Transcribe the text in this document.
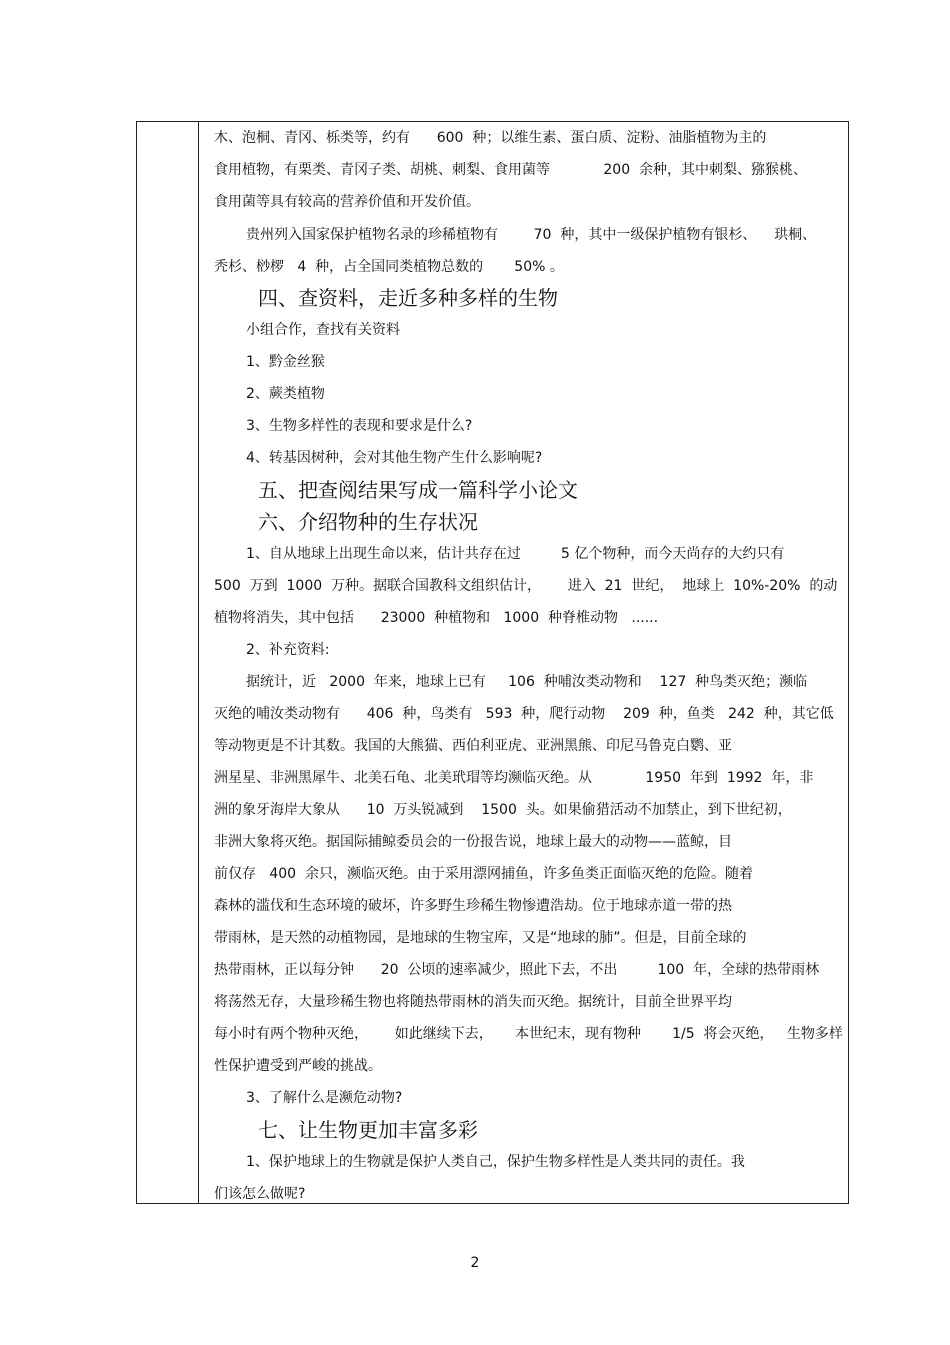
木、泡桐、青冈、栎类等，约有      600  种；以维生素、蛋白质、淀粉、油脂植物为主的
食用植物，有栗类、青冈子类、胡桃、刺梨、食用菌等            200  余种，其中刺梨、猕猴桃、
食用菌等具有较高的营养价值和开发价值。
贵州列入国家保护植物名录的珍稀植物有        70  种，其中一级保护植物有银杉、    珙桐、
秃杉、桫椤   4  种，占全国同类植物总数的       50% 。
四、查资料，走近多种多样的生物
小组合作，查找有关资料
1、黔金丝猴
2、蕨类植物
3、生物多样性的表现和要求是什么?
4、转基因树种，会对其他生物产生什么影响呢?
五、把查阅结果写成一篇科学小论文
六、介绍物种的生存状况
1、自从地球上出现生命以来，估计共存在过         5 亿个物种，而今天尚存的大约只有
500  万到  1000  万种。据联合国教科文组织估计，      进入  21  世纪，  地球上  10%-20%  的动
植物将消失，其中包括      23000  种植物和   1000  种脊椎动物   ......
2、补充资料:
据统计，近   2000  年来，地球上已有     106  种哺汝类动物和    127  种鸟类灭绝；濒临
灭绝的哺汝类动物有      406  种，鸟类有   593  种，爬行动物    209  种，鱼类   242  种，其它低
等动物更是不计其数。我国的大熊猫、西伯利亚虎、亚洲黑熊、印尼马鲁克白鹦、亚
洲星星、非洲黑犀牛、北美石龟、北美玳瑁等均濒临灭绝。从            1950  年到  1992  年，非
洲的象牙海岸大象从      10  万头锐减到    1500  头。如果偷猎活动不加禁止，到下世纪初，
非洲大象将灭绝。据国际捕鲸委员会的一份报告说，地球上最大的动物——蓝鲸，目
前仅存   400  余只，濒临灭绝。由于采用漂网捕鱼，许多鱼类正面临灭绝的危险。随着
森林的滥伐和生态环境的破坏，许多野生珍稀生物惨遭浩劫。位于地球赤道一带的热
带雨林，是天然的动植物园，是地球的生物宝库，又是“地球的肺”。但是，目前全球的
热带雨林，正以每分钟      20  公顷的速率减少，照此下去，不出         100  年，全球的热带雨林
将荡然无存，大量珍稀生物也将随热带雨林的消失而灭绝。据统计，目前全世界平均
每小时有两个物种灭绝，      如此继续下去，     本世纪末，现有物种       1/5  将会灭绝，   生物多样
性保护遭受到严峻的挑战。
3、了解什么是濒危动物?
七、让生物更加丰富多彩
1、保护地球上的生物就是保护人类自己，保护生物多样性是人类共同的责任。我
们该怎么做呢?
2
